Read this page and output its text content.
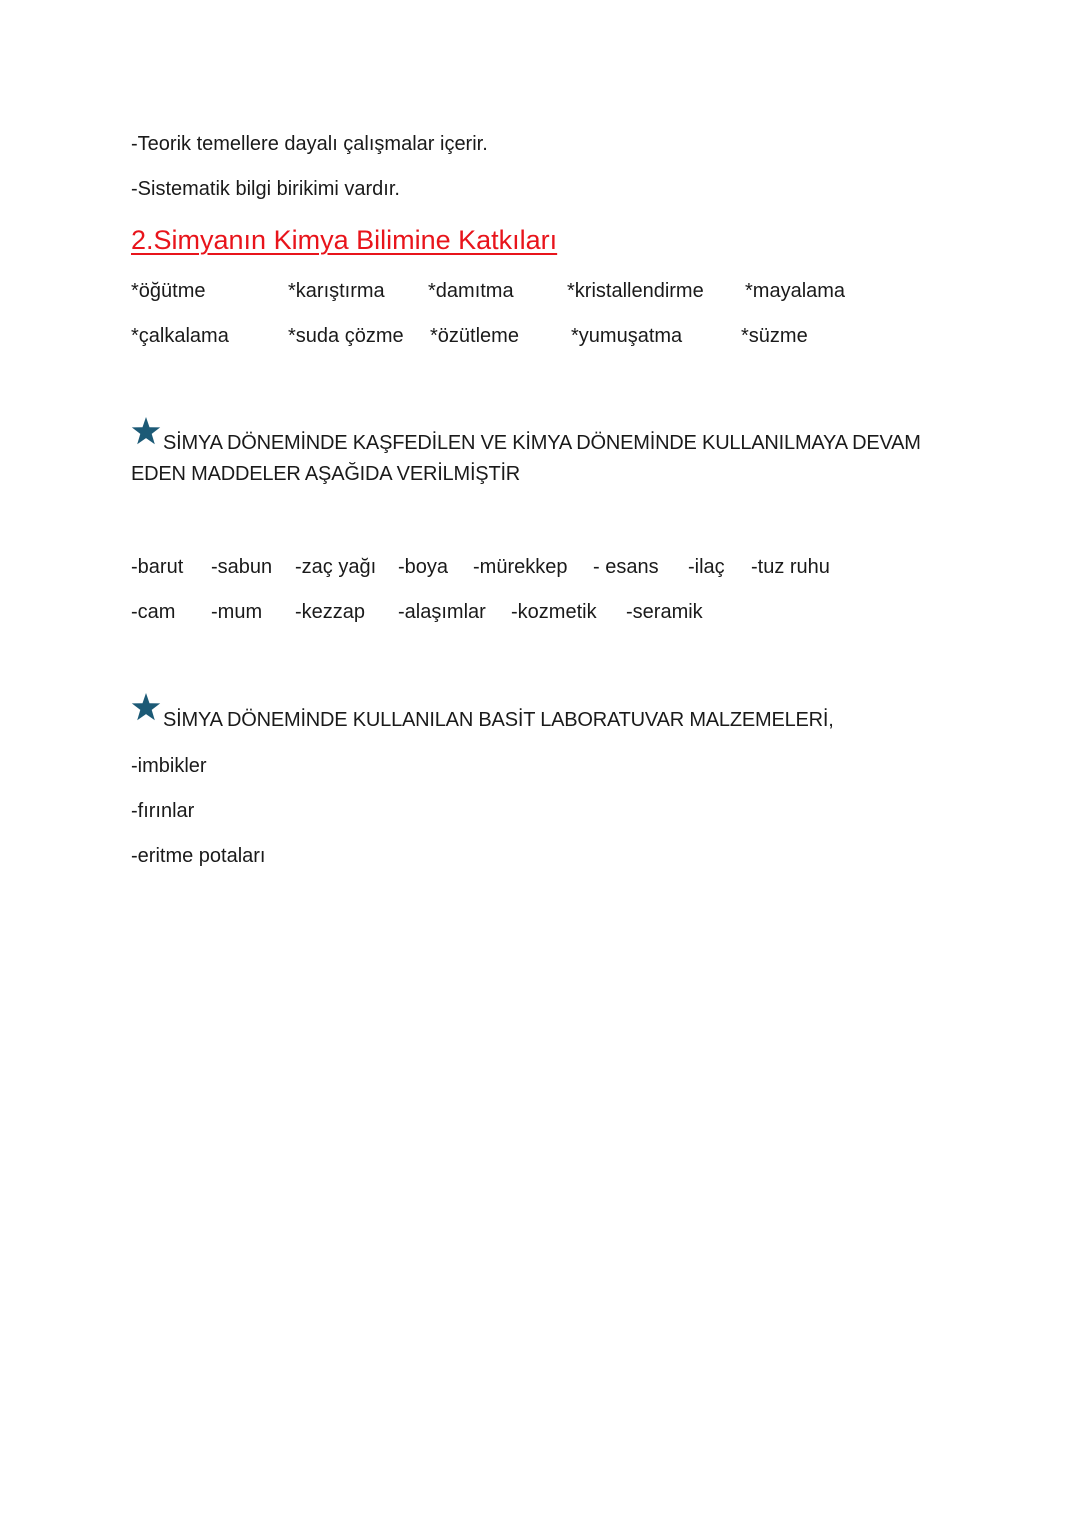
-Teorik temellere dayalı çalışmalar içerir.
-Sistematik bilgi birikimi vardır.
2.Simyanın Kimya Bilimine Katkıları
*öğütme	*karıştırma *damıtma	*kristallendirme *mayalama
*çalkalama	*suda çözme *özütleme	*yumuşatma	*süzme
SİMYA DÖNEMİNDE KAŞFEDİLEN VE KİMYA DÖNEMİNDE KULLANILMAYA DEVAM EDEN MADDELER AŞAĞIDA VERİLMİŞTİR
-barut -sabun -zaç yağı -boya -mürekkep - esans -ilaç -tuz ruhu
-cam -mum -kezzap -alaşımlar -kozmetik -seramik
SİMYA DÖNEMİNDE KULLANILAN BASİT LABORATUVAR MALZEMELERİ,
-imbikler
-fırınlar
-eritme potaları
